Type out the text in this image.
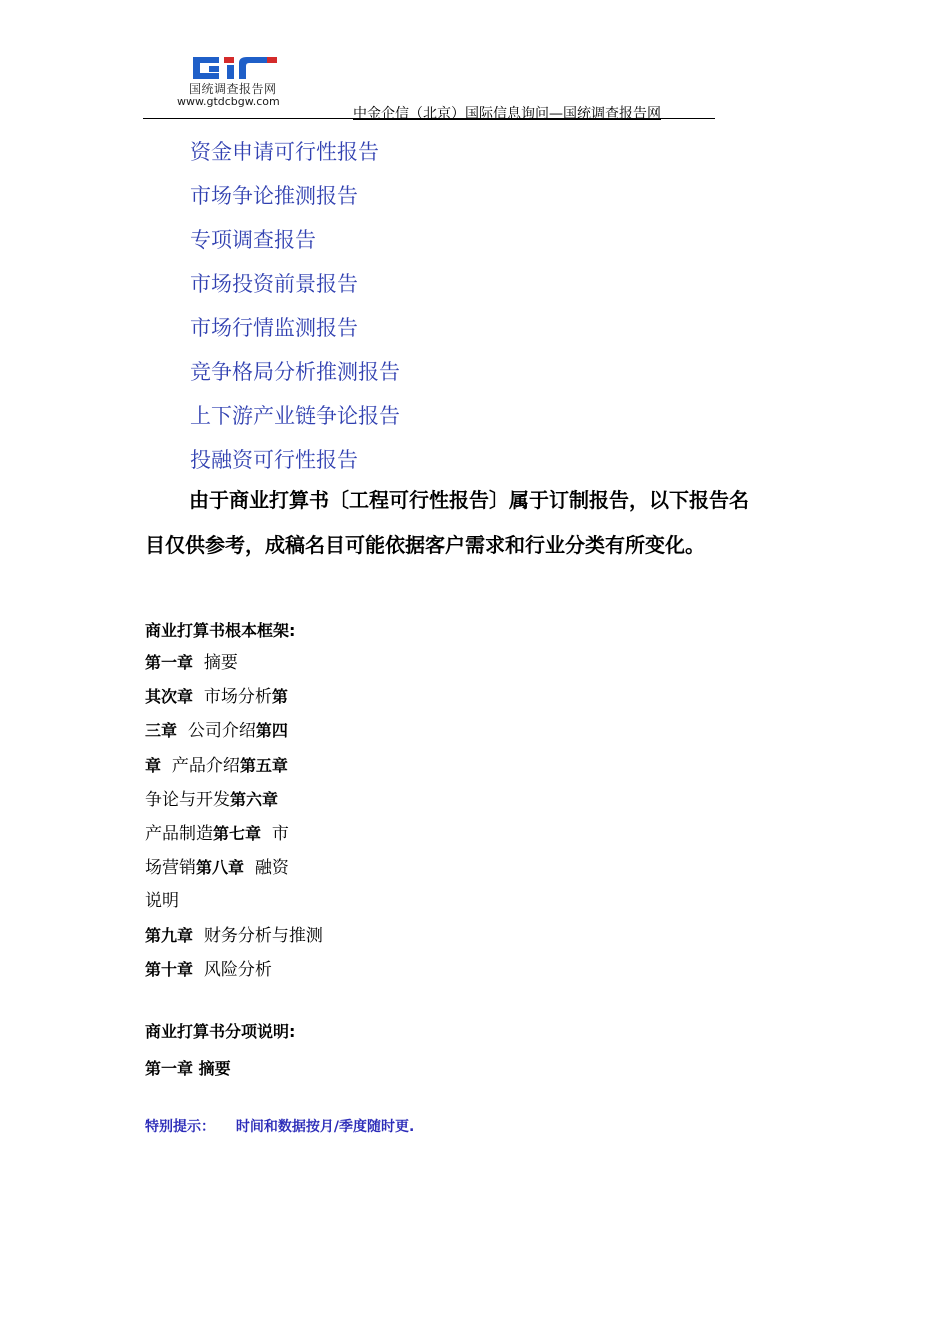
国统调查报告网
www.gtdcbgw.com
中金企信（北京）国际信息询问—国统调查报告网
资金申请可行性报告
市场争论推测报告
专项调查报告
市场投资前景报告
市场行情监测报告
竞争格局分析推测报告
上下游产业链争论报告
投融资可行性报告
由于商业打算书〔工程可行性报告〕属于订制报告，以下报告名
目仅供参考，成稿名目可能依据客户需求和行业分类有所变化。
商业打算书根本框架:
第一章  摘要
其次章  市场分析第
三章  公司介绍第四
章  产品介绍第五章
争论与开发第六章
产品制造第七章  市
场营销第八章  融资
说明
第九章  财务分析与推测
第十章  风险分析
商业打算书分项说明:
第一章 摘要
特别提示： 时间和数据按月/季度随时更.
